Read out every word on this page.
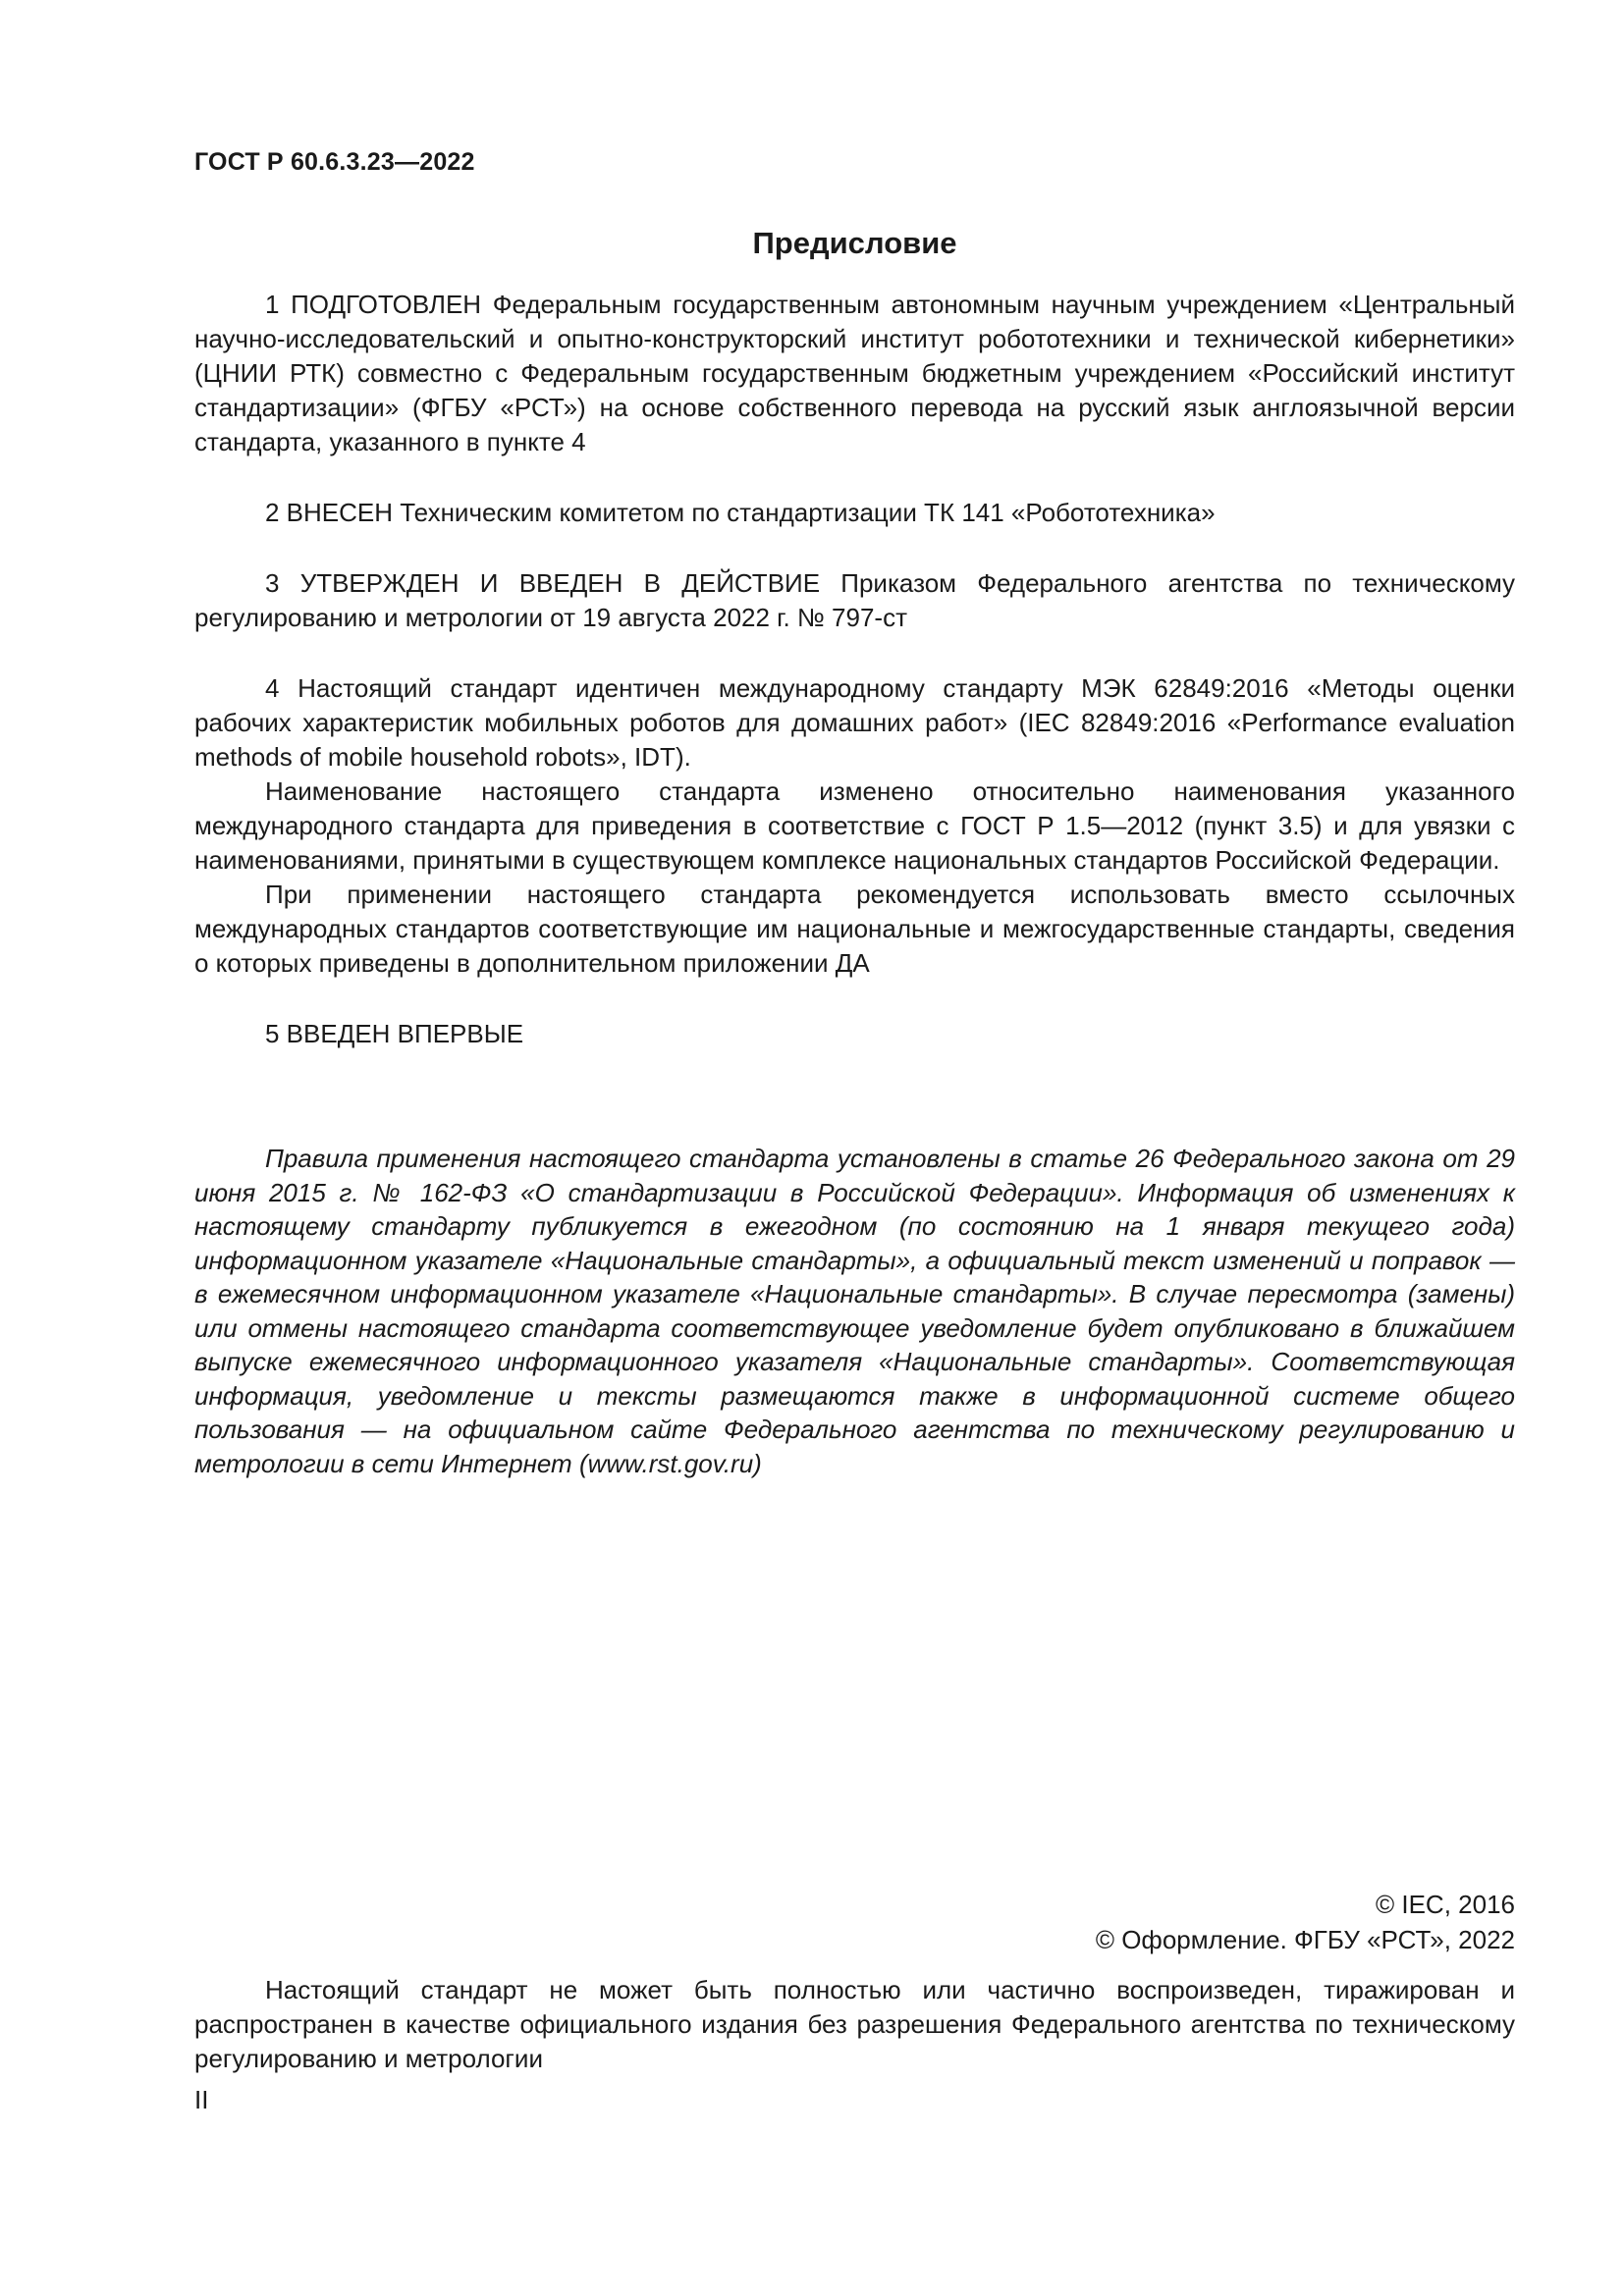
ГОСТ Р 60.6.3.23—2022
Предисловие

1 ПОДГОТОВЛЕН Федеральным государственным автономным научным учреждением «Центральный научно-исследовательский и опытно-конструкторский институт робототехники и технической кибернетики» (ЦНИИ РТК) совместно с Федеральным государственным бюджетным учреждением «Российский институт стандартизации» (ФГБУ «РСТ») на основе собственного перевода на русский язык англоязычной версии стандарта, указанного в пункте 4

2 ВНЕСЕН Техническим комитетом по стандартизации ТК 141 «Робототехника»

3 УТВЕРЖДЕН И ВВЕДЕН В ДЕЙСТВИЕ Приказом Федерального агентства по техническому регулированию и метрологии от 19 августа 2022 г. № 797-ст

4 Настоящий стандарт идентичен международному стандарту МЭК 62849:2016 «Методы оценки рабочих характеристик мобильных роботов для домашних работ» (IEC 82849:2016 «Performance evaluation methods of mobile household robots», IDT).

Наименование настоящего стандарта изменено относительно наименования указанного международного стандарта для приведения в соответствие с ГОСТ Р 1.5—2012 (пункт 3.5) и для увязки с наименованиями, принятыми в существующем комплексе национальных стандартов Российской Федерации.

При применении настоящего стандарта рекомендуется использовать вместо ссылочных международных стандартов соответствующие им национальные и межгосударственные стандарты, сведения о которых приведены в дополнительном приложении ДА

5 ВВЕДЕН ВПЕРВЫЕ

Правила применения настоящего стандарта установлены в статье 26 Федерального закона от 29 июня 2015 г. № 162-ФЗ «О стандартизации в Российской Федерации». Информация об изменениях к настоящему стандарту публикуется в ежегодном (по состоянию на 1 января текущего года) информационном указателе «Национальные стандарты», а официальный текст изменений и поправок — в ежемесячном информационном указателе «Национальные стандарты». В случае пересмотра (замены) или отмены настоящего стандарта соответствующее уведомление будет опубликовано в ближайшем выпуске ежемесячного информационного указателя «Национальные стандарты». Соответствующая информация, уведомление и тексты размещаются также в информационной системе общего пользования — на официальном сайте Федерального агентства по техническому регулированию и метрологии в сети Интернет (www.rst.gov.ru)

© IEC, 2016
© Оформление. ФГБУ «РСТ», 2022

Настоящий стандарт не может быть полностью или частично воспроизведен, тиражирован и распространен в качестве официального издания без разрешения Федерального агентства по техническому регулированию и метрологии

II
